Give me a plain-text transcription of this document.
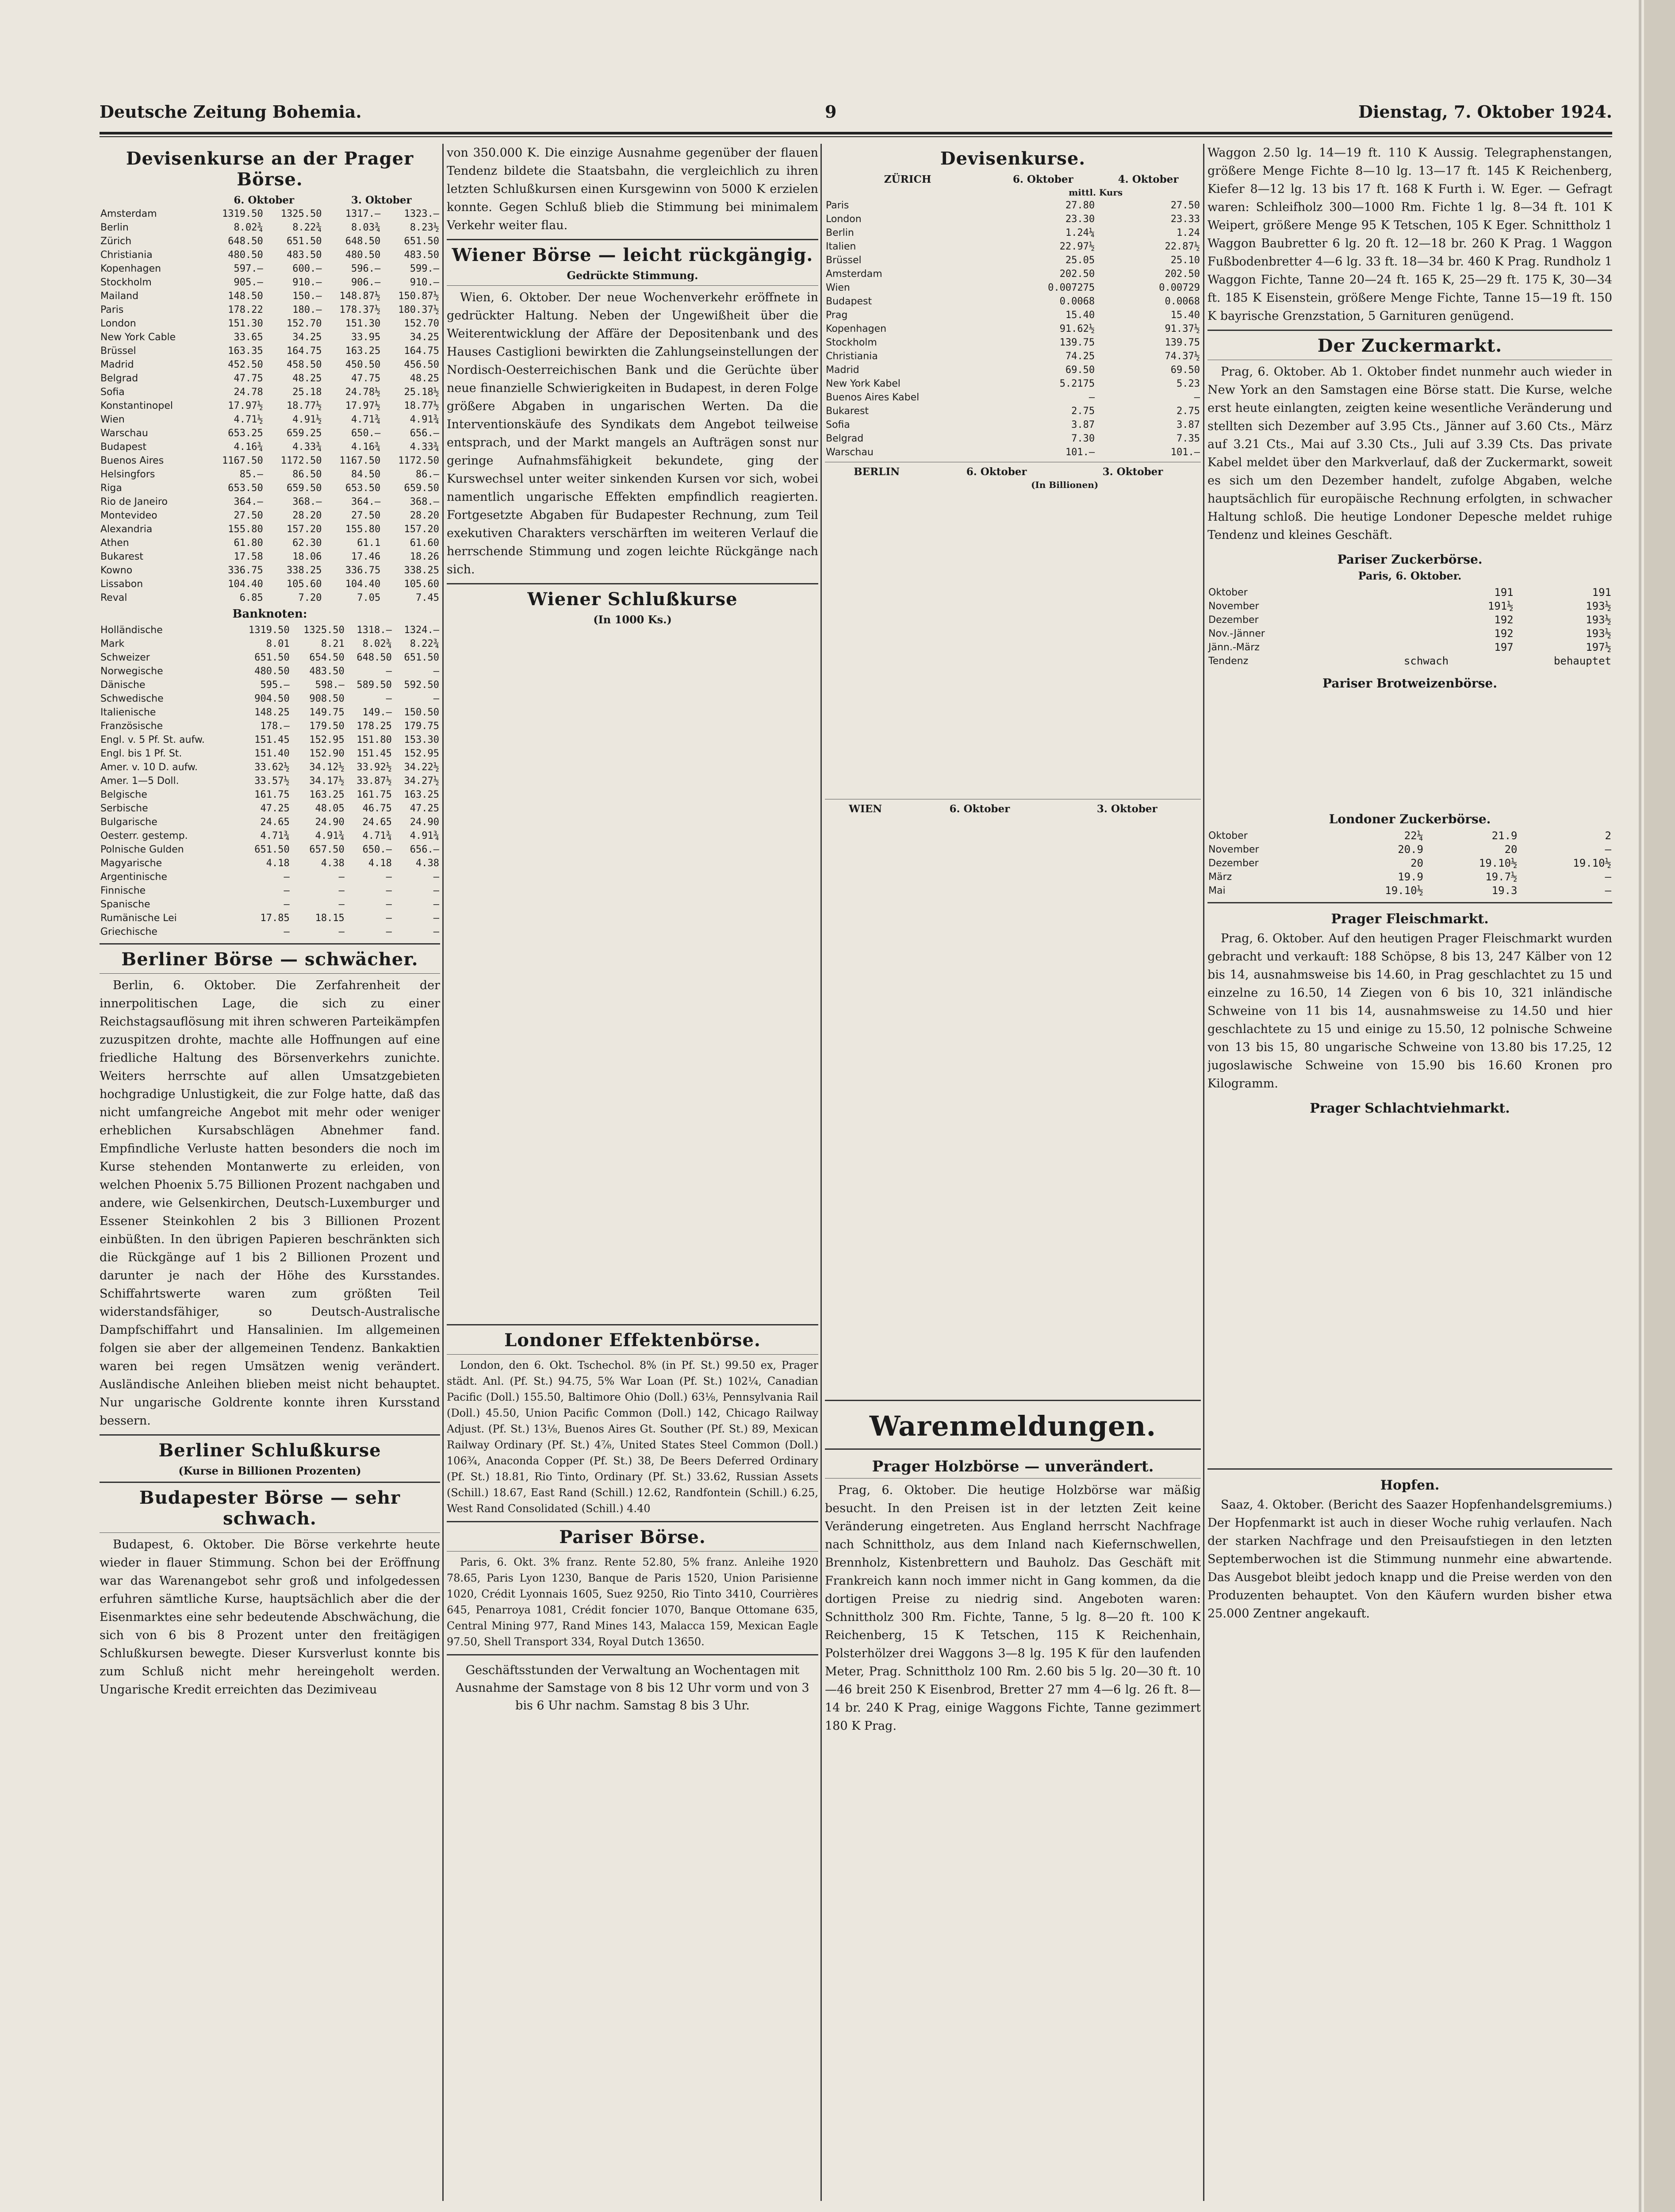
Deutsche Zeitung Bohemia.	9	Dienstag, 7. Oktober 1924.
Devisenkurse an der Prager Börse.
	6. Oktober		3. Oktober	
Amsterdam	1319.50	1325.50	1317.—	1323.—
Berlin	8.02¾	8.22¾	8.03¾	8.23½
Zürich	648.50	651.50	648.50	651.50
Christiania	480.50	483.50	480.50	483.50
Kopenhagen	597.—	600.—	596.—	599.—
Stockholm	905.—	910.—	906.—	910.—
Mailand	148.50	150.—	148.87½	150.87½
Paris	178.22	180.—	178.37½	180.37½
London	151.30	152.70	151.30	152.70
New York Cable	33.65	34.25	33.95	34.25
Brüssel	163.35	164.75	163.25	164.75
Madrid	452.50	458.50	450.50	456.50
Belgrad	47.75	48.25	47.75	48.25
Sofia	24.78	25.18	24.78½	25.18½
Konstantinopel	17.97½	18.77½	17.97½	18.77½
Wien	4.71½	4.91½	4.71¾	4.91¾
Warschau	653.25	659.25	650.—	656.—
Budapest	4.16¾	4.33¾	4.16¾	4.33¾
Buenos Aires	1167.50	1172.50	1167.50	1172.50
Helsingfors	85.—	86.50	84.50	86.—
Riga	653.50	659.50	653.50	659.50
Rio de Janeiro	364.—	368.—	364.—	368.—
Montevideo	27.50	28.20	27.50	28.20
Alexandria	155.80	157.20	155.80	157.20
Athen	61.80	62.30	61.1	61.60
Bukarest	17.58	18.06	17.46	18.26
Kowno	336.75	338.25	336.75	338.25
Lissabon	104.40	105.60	104.40	105.60
Reval	6.85	7.20	7.05	7.45
Banknoten:
Holländische	1319.50	1325.50	1318.—	1324.—
Mark	8.01	8.21	8.02¾	8.22¾
Schweizer	651.50	654.50	648.50	651.50
Norwegische	480.50	483.50	—	—
Dänische	595.—	598.—	589.50	592.50
Schwedische	904.50	908.50	—	—
Italienische	148.25	149.75	149.—	150.50
Französische	178.—	179.50	178.25	179.75
Engl. v. 5 Pf. St. aufw.	151.45	152.95	151.80	153.30
Engl. bis 1 Pf. St.	151.40	152.90	151.45	152.95
Amer. v. 10 D. aufw.	33.62½	34.12½	33.92½	34.22½
Amer. 1—5 Doll.	33.57½	34.17½	33.87½	34.27½
Belgische	161.75	163.25	161.75	163.25
Serbische	47.25	48.05	46.75	47.25
Bulgarische	24.65	24.90	24.65	24.90
Oesterr. gestemp.	4.71¾	4.91¾	4.71¾	4.91¾
Polnische Gulden	651.50	657.50	650.—	656.—
Magyarische	4.18	4.38	4.18	4.38
Argentinische	—	—	—	—
Finnische	—	—	—	—
Spanische	—	—	—	—
Rumänische Lei	17.85	18.15	—	—
Griechische	—	—	—	—
Berliner Börse — schwächer.

Berlin, 6. Oktober. Die Zerfahrenheit der innerpolitischen Lage, die sich zu einer Reichstagsauflösung mit ihren schweren Parteikämpfen zuzuspitzen drohte, machte alle Hoffnungen auf eine friedliche Haltung des Börsenverkehrs zunichte. Weiters herrschte auf allen Umsatzgebieten hochgradige Unlustigkeit, die zur Folge hatte, daß das nicht umfangreiche Angebot mit mehr oder weniger erheblichen Kursabschlägen Abnehmer fand. Empfindliche Verluste hatten besonders die noch im Kurse stehenden Montanwerte zu erleiden, von welchen Phoenix 5.75 Billionen Prozent nachgaben und andere, wie Gelsenkirchen, Deutsch-Luxemburger und Essener Steinkohlen 2 bis 3 Billionen Prozent einbüßten. In den übrigen Papieren beschränkten sich die Rückgänge auf 1 bis 2 Billionen Prozent und darunter je nach der Höhe des Kursstandes. Schiffahrtswerte waren zum größten Teil widerstandsfähiger, so Deutsch-Australische Dampfschiffahrt und Hansalinien. Im allgemeinen folgen sie aber der allgemeinen Tendenz. Bankaktien waren bei regen Umsätzen wenig verändert. Ausländische Anleihen blieben meist nicht behauptet. Nur ungarische Goldrente konnte ihren Kursstand bessern.

Berliner Schlußkurse
(Kurse in Billionen Prozenten)
Budapester Börse — sehr schwach.

Budapest, 6. Oktober. Die Börse verkehrte heute wieder in flauer Stimmung. Schon bei der Eröffnung war das Warenangebot sehr groß und infolgedessen erfuhren sämtliche Kurse, hauptsächlich aber die der Eisenmarktes eine sehr bedeutende Abschwächung, die sich von 6 bis 8 Prozent unter den freitägigen Schlußkursen bewegte. Dieser Kursverlust konnte bis zum Schluß nicht mehr hereingeholt werden. Ungarische Kredit erreichten das Dezimiveau

von 350.000 K. Die einzige Ausnahme gegenüber der flauen Tendenz bildete die Staatsbahn, die vergleichlich zu ihren letzten Schlußkursen einen Kursgewinn von 5000 K erzielen konnte. Gegen Schluß blieb die Stimmung bei minimalem Verkehr weiter flau.

Wiener Börse — leicht rückgängig.
Gedrückte Stimmung.

Wien, 6. Oktober. Der neue Wochenverkehr eröffnete in gedrückter Haltung. Neben der Ungewißheit über die Weiterentwicklung der Affäre der Depositenbank und des Hauses Castiglioni bewirkten die Zahlungseinstellungen der Nordisch-Oesterreichischen Bank und die Gerüchte über neue finanzielle Schwierigkeiten in Budapest, in deren Folge größere Abgaben in ungarischen Werten. Da die Interventionskäufe des Syndikats dem Angebot teilweise entsprach, und der Markt mangels an Aufträgen sonst nur geringe Aufnahmsfähigkeit bekundete, ging der Kurswechsel unter weiter sinkenden Kursen vor sich, wobei namentlich ungarische Effekten empfindlich reagierten. Fortgesetzte Abgaben für Budapester Rechnung, zum Teil exekutiven Charakters verschärften im weiteren Verlauf die herrschende Stimmung und zogen leichte Rückgänge nach sich.

Wiener Schlußkurse
(In 1000 Ks.)
Londoner Effektenbörse.

London, den 6. Okt. Tschechol. 8% (in Pf. St.) 99.50 ex, Prager städt. Anl. (Pf. St.) 94.75, 5% War Loan (Pf. St.) 102¼, Canadian Pacific (Doll.) 155.50, Baltimore Ohio (Doll.) 63⅛, Pennsylvania Rail (Doll.) 45.50, Union Pacific Common (Doll.) 142, Chicago Railway Adjust. (Pf. St.) 13⅛, Buenos Aires Gt. Souther (Pf. St.) 89, Mexican Railway Ordinary (Pf. St.) 4⅞, United States Steel Common (Doll.) 106¾, Anaconda Copper (Pf. St.) 38, De Beers Deferred Ordinary (Pf. St.) 18.81, Rio Tinto, Ordinary (Pf. St.) 33.62, Russian Assets (Schill.) 18.67, East Rand (Schill.) 12.62, Randfontein (Schill.) 6.25, West Rand Consolidated (Schill.) 4.40

Pariser Börse.

Paris, 6. Okt. 3% franz. Rente 52.80, 5% franz. Anleihe 1920 78.65, Paris Lyon 1230, Banque de Paris 1520, Union Parisienne 1020, Crédit Lyonnais 1605, Suez 9250, Rio Tinto 3410, Courrières 645, Penarroya 1081, Crédit foncier 1070, Banque Ottomane 635, Central Mining 977, Rand Mines 143, Malacca 159, Mexican Eagle 97.50, Shell Transport 334, Royal Dutch 13650.

Geschäftsstunden der Verwaltung an Wochentagen mit Ausnahme der Samstage von 8 bis 12 Uhr vorm und von 3 bis 6 Uhr nachm. Samstag 8 bis 3 Uhr.
Devisenkurse.
ZÜRICH	6. Oktober	4. Oktober
	mittl. Kurs	
Paris	27.80	27.50
London	23.30	23.33
Berlin	1.24¼	1.24
Italien	22.97½	22.87½
Brüssel	25.05	25.10
Amsterdam	202.50	202.50
Wien	0.007275	0.00729
Budapest	0.0068	0.0068
Prag	15.40	15.40
Kopenhagen	91.62½	91.37½
Stockholm	139.75	139.75
Christiania	74.25	74.37½
Madrid	69.50	69.50
New York Kabel	5.2175	5.23
Buenos Aires Kabel	—	—
Bukarest	2.75	2.75
Sofia	3.87	3.87
Belgrad	7.30	7.35
Warschau	101.—	101.—
BERLIN	6. Oktober	3. Oktober
	(In Billionen)	
WIEN	6. Oktober	3. Oktober
Warenmeldungen.
Prager Holzbörse — unverändert.

Prag, 6. Oktober. Die heutige Holzbörse war mäßig besucht. In den Preisen ist in der letzten Zeit keine Veränderung eingetreten. Aus England herrscht Nachfrage nach Schnittholz, aus dem Inland nach Kiefernschwellen, Brennholz, Kistenbrettern und Bauholz. Das Geschäft mit Frankreich kann noch immer nicht in Gang kommen, da die dortigen Preise zu niedrig sind. Angeboten waren: Schnittholz 300 Rm. Fichte, Tanne, 5 lg. 8—20 ft. 100 K Reichenberg, 15 K Tetschen, 115 K Reichenhain, Polsterhölzer drei Waggons 3—8 lg. 195 K für den laufenden Meter, Prag. Schnittholz 100 Rm. 2.60 bis 5 lg. 20—30 ft. 10—46 breit 250 K Eisenbrod, Bretter 27 mm 4—6 lg. 26 ft. 8—14 br. 240 K Prag, einige Waggons Fichte, Tanne gezimmert 180 K Prag.

Waggon 2.50 lg. 14—19 ft. 110 K Aussig. Telegraphenstangen, größere Menge Fichte 8—10 lg. 13—17 ft. 145 K Reichenberg, Kiefer 8—12 lg. 13 bis 17 ft. 168 K Furth i. W. Eger. — Gefragt waren: Schleifholz 300—1000 Rm. Fichte 1 lg. 8—34 ft. 101 K Weipert, größere Menge 95 K Tetschen, 105 K Eger. Schnittholz 1 Waggon Baubretter 6 lg. 20 ft. 12—18 br. 260 K Prag. 1 Waggon Fußbodenbretter 4—6 lg. 33 ft. 18—34 br. 460 K Prag. Rundholz 1 Waggon Fichte, Tanne 20—24 ft. 165 K, 25—29 ft. 175 K, 30—34 ft. 185 K Eisenstein, größere Menge Fichte, Tanne 15—19 ft. 150 K bayrische Grenzstation, 5 Garnituren genügend.

Der Zuckermarkt.

Prag, 6. Oktober. Ab 1. Oktober findet nunmehr auch wieder in New York an den Samstagen eine Börse statt. Die Kurse, welche erst heute einlangten, zeigten keine wesentliche Veränderung und stellten sich Dezember auf 3.95 Cts., Jänner auf 3.60 Cts., März auf 3.21 Cts., Mai auf 3.30 Cts., Juli auf 3.39 Cts. Das private Kabel meldet über den Markverlauf, daß der Zuckermarkt, soweit es sich um den Dezember handelt, zufolge Abgaben, welche hauptsächlich für europäische Rechnung erfolgten, in schwacher Haltung schloß. Die heutige Londoner Depesche meldet ruhige Tendenz und kleines Geschäft.

Pariser Zuckerbörse.
Paris, 6. Oktober.
Oktober	191	191
November	191½	193½
Dezember	192	193½
Nov.-Jänner	192	193½
Jänn.-März	197	197½
Tendenz	schwach	behauptet
Pariser Brotweizenbörse.
Londoner Zuckerbörse.
Oktober	22¼	21.9	2
November	20.9	20	—
Dezember	20	19.10½	19.10½
März	19.9	19.7½	—
Mai	19.10½	19.3	—
Prager Fleischmarkt.

Prag, 6. Oktober. Auf den heutigen Prager Fleischmarkt wurden gebracht und verkauft: 188 Schöpse, 8 bis 13, 247 Kälber von 12 bis 14, ausnahmsweise bis 14.60, in Prag geschlachtet zu 15 und einzelne zu 16.50, 14 Ziegen von 6 bis 10, 321 inländische Schweine von 11 bis 14, ausnahmsweise zu 14.50 und hier geschlachtete zu 15 und einige zu 15.50, 12 polnische Schweine von 13 bis 15, 80 ungarische Schweine von 13.80 bis 17.25, 12 jugoslawische Schweine von 15.90 bis 16.60 Kronen pro Kilogramm.

Prager Schlachtviehmarkt.
Hopfen.

Saaz, 4. Oktober. (Bericht des Saazer Hopfenhandelsgremiums.) Der Hopfenmarkt ist auch in dieser Woche ruhig verlaufen. Nach der starken Nachfrage und den Preisaufstiegen in den letzten Septemberwochen ist die Stimmung nunmehr eine abwartende. Das Ausgebot bleibt jedoch knapp und die Preise werden von den Produzenten behauptet. Von den Käufern wurden bisher etwa 25.000 Zentner angekauft.
